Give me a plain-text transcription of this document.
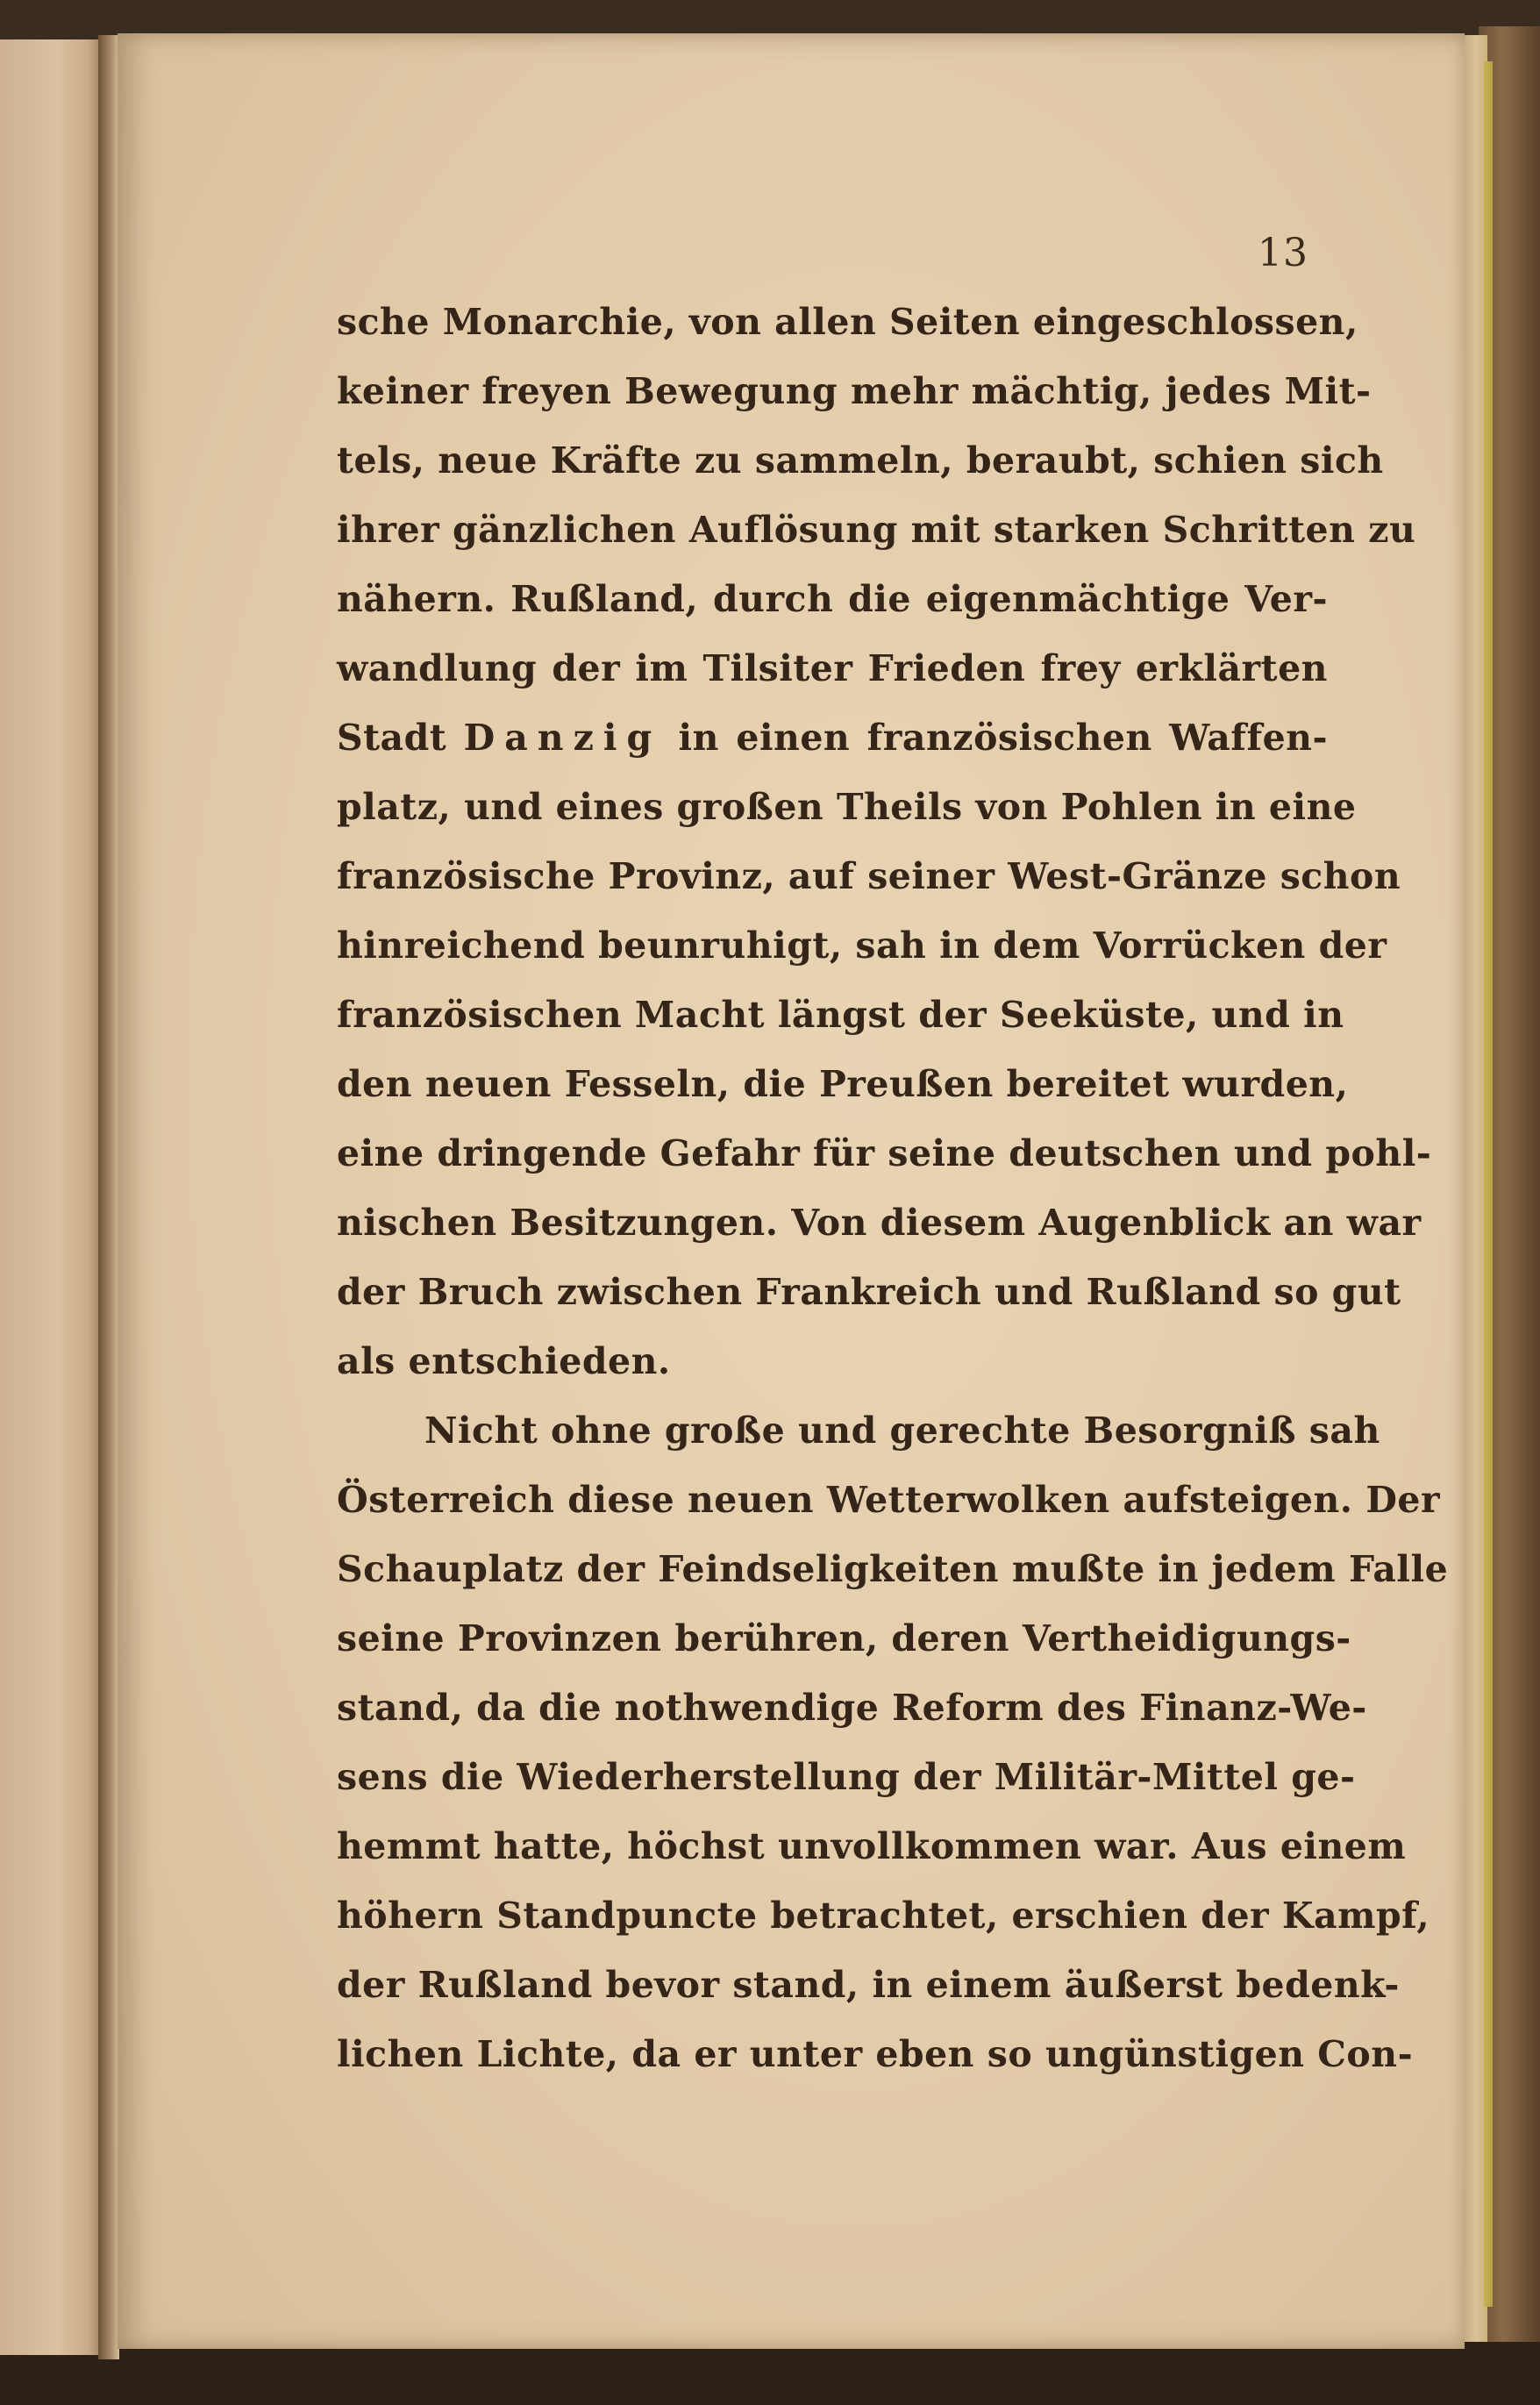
13
sche Monarchie, von allen Seiten eingeschlossen,
keiner freyen Bewegung mehr mächtig, jedes Mit-
tels, neue Kräfte zu sammeln, beraubt, schien sich
ihrer gänzlichen Auflösung mit starken Schritten zu
nähern. Rußland, durch die eigenmächtige Ver-
wandlung der im Tilsiter Frieden frey erklärten
Stadt Danzig in einen französischen Waffen-
platz, und eines großen Theils von Pohlen in eine
französische Provinz, auf seiner West-Gränze schon
hinreichend beunruhigt, sah in dem Vorrücken der
französischen Macht längst der Seeküste, und in
den neuen Fesseln, die Preußen bereitet wurden,
eine dringende Gefahr für seine deutschen und pohl-
nischen Besitzungen. Von diesem Augenblick an war
der Bruch zwischen Frankreich und Rußland so gut
als entschieden.
Nicht ohne große und gerechte Besorgniß sah
Österreich diese neuen Wetterwolken aufsteigen. Der
Schauplatz der Feindseligkeiten mußte in jedem Falle
seine Provinzen berühren, deren Vertheidigungs-
stand, da die nothwendige Reform des Finanz-We-
sens die Wiederherstellung der Militär-Mittel ge-
hemmt hatte, höchst unvollkommen war. Aus einem
höhern Standpuncte betrachtet, erschien der Kampf,
der Rußland bevor stand, in einem äußerst bedenk-
lichen Lichte, da er unter eben so ungünstigen Con-
